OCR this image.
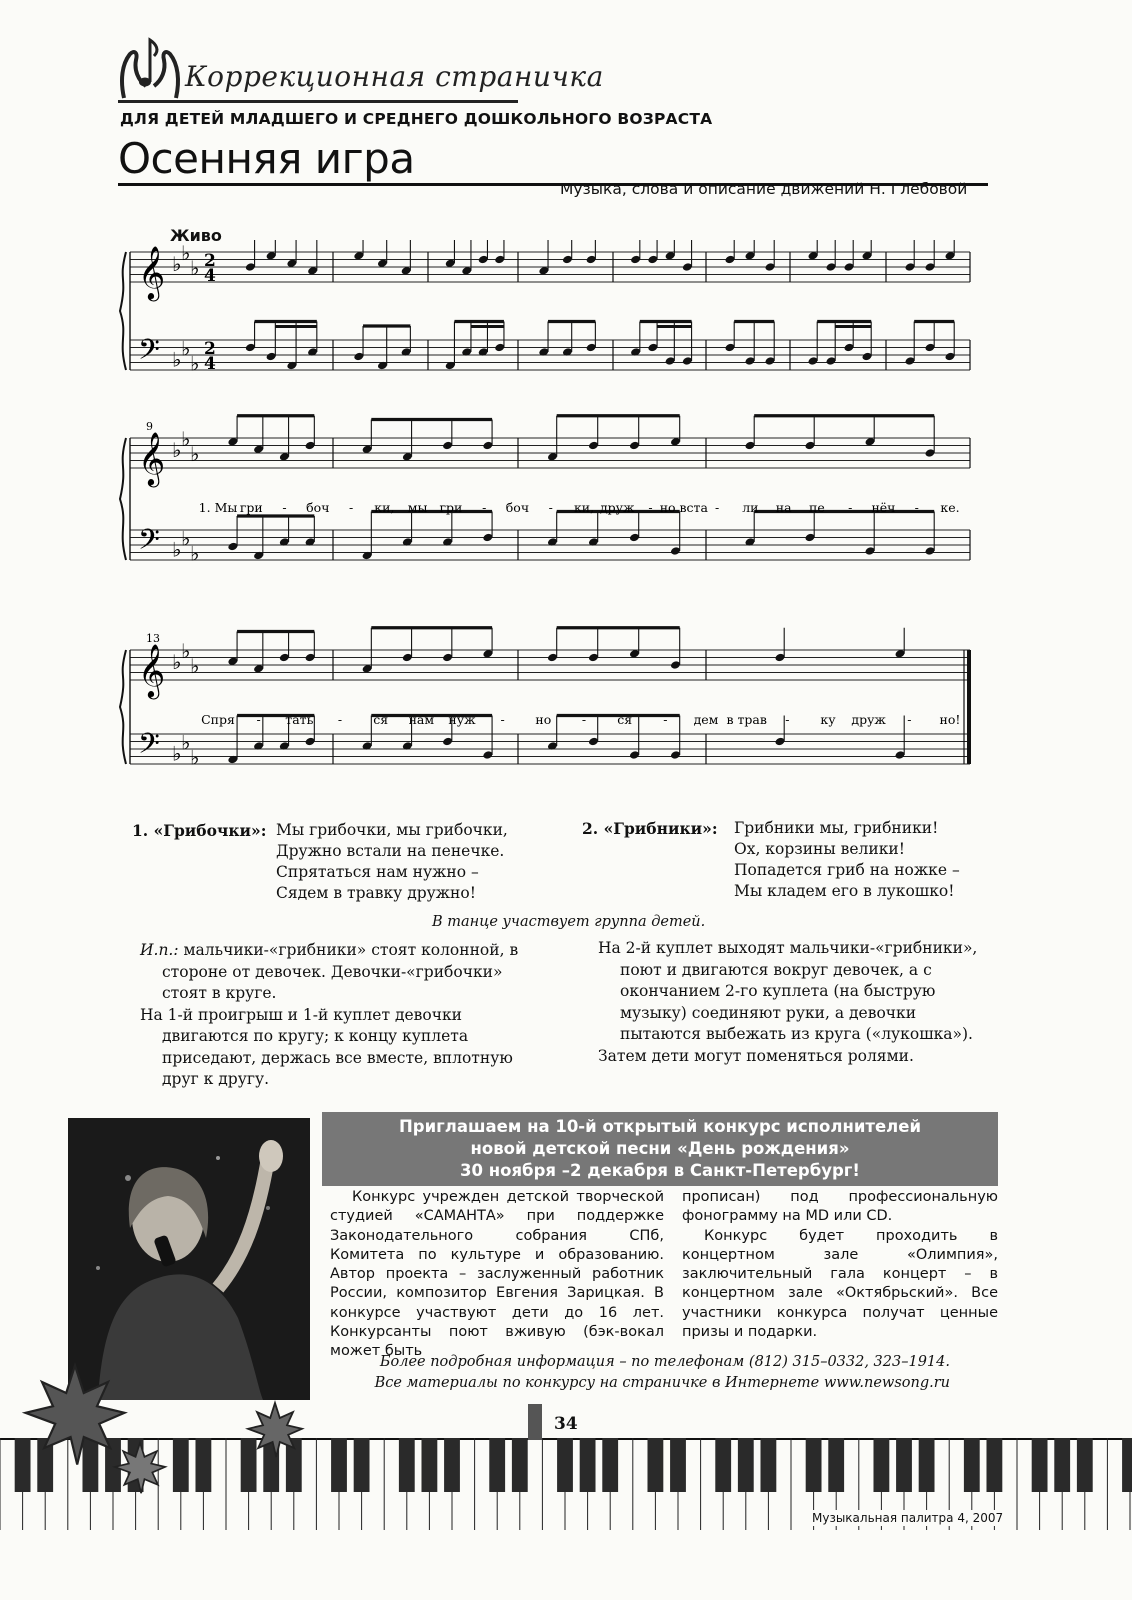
Коррекционная страничка
ДЛЯ ДЕТЕЙ МЛАДШЕГО И СРЕДНЕГО ДОШКОЛЬНОГО ВОЗРАСТА
Осенняя игра
Музыка, слова и описание движений Н. Глебовой
Живо
𝄞 ♭ ♭
♭ 2
4
𝄢 ♭ ♭
♭
2
4
𝄞 ♭ ♭
♭
𝄢 ♭ ♭
♭
9
1. Мы гри - боч - ки, мы гри - боч - ки, друж - но вста - ли на пе - нёч - ке.
𝄞 ♭ ♭
♭
𝄢 ♭ ♭
♭
13
Спря - тать - ся нам нуж - но - ся - дем в трав - ку друж - но!
1. «Грибочки»: Мы грибочки, мы грибочки,
Дружно встали на пенечке.
Спрятаться нам нужно –
Сядем в травку дружно!
2. «Грибники»: Грибники мы, грибники!
Ох, корзины велики!
Попадется гриб на ножке –
Мы кладем его в лукошко!
В танце участвует группа детей.

И.п.: мальчики-«грибники» стоят колонной, в стороне от девочек. Девочки-«грибочки» стоят в круге.

На 1-й проигрыш и 1-й куплет девочки двигаются по кругу; к концу куплета приседают, держась все вместе, вплотную друг к другу.

На 2-й куплет выходят мальчики-«грибники», поют и двигаются вокруг девочек, а с окончанием 2-го куплета (на быструю музыку) соединяют руки, а девочки пытаются выбежать из круга («лукошка»).

Затем дети могут поменяться ролями.

Приглашаем на 10-й открытый конкурс исполнителей
новой детской песни «День рождения»
30 ноября –2 декабря в Санкт-Петербург!
Конкурс учрежден детской творческой студией «САМАНТА» при поддержке Законодательного собрания СПб, Комитета по культуре и образованию. Автор проекта – заслуженный работник России, композитор Евгения Зарицкая. В конкурсе участвуют дети до 16 лет. Конкурсанты поют вживую (бэк-вокал может быть
прописан) под профессиональную фонограмму на MD или CD.
Конкурс будет проходить в концертном зале «Олимпия», заключительный гала концерт – в концертном зале «Октябрьский». Все участники конкурса получат ценные призы и подарки.
Более подробная информация – по телефонам (812) 315–0332, 323–1914.
Все материалы по конкурсу на страничке в Интернете www.newsong.ru
34
Музыкальная палитра 4, 2007
